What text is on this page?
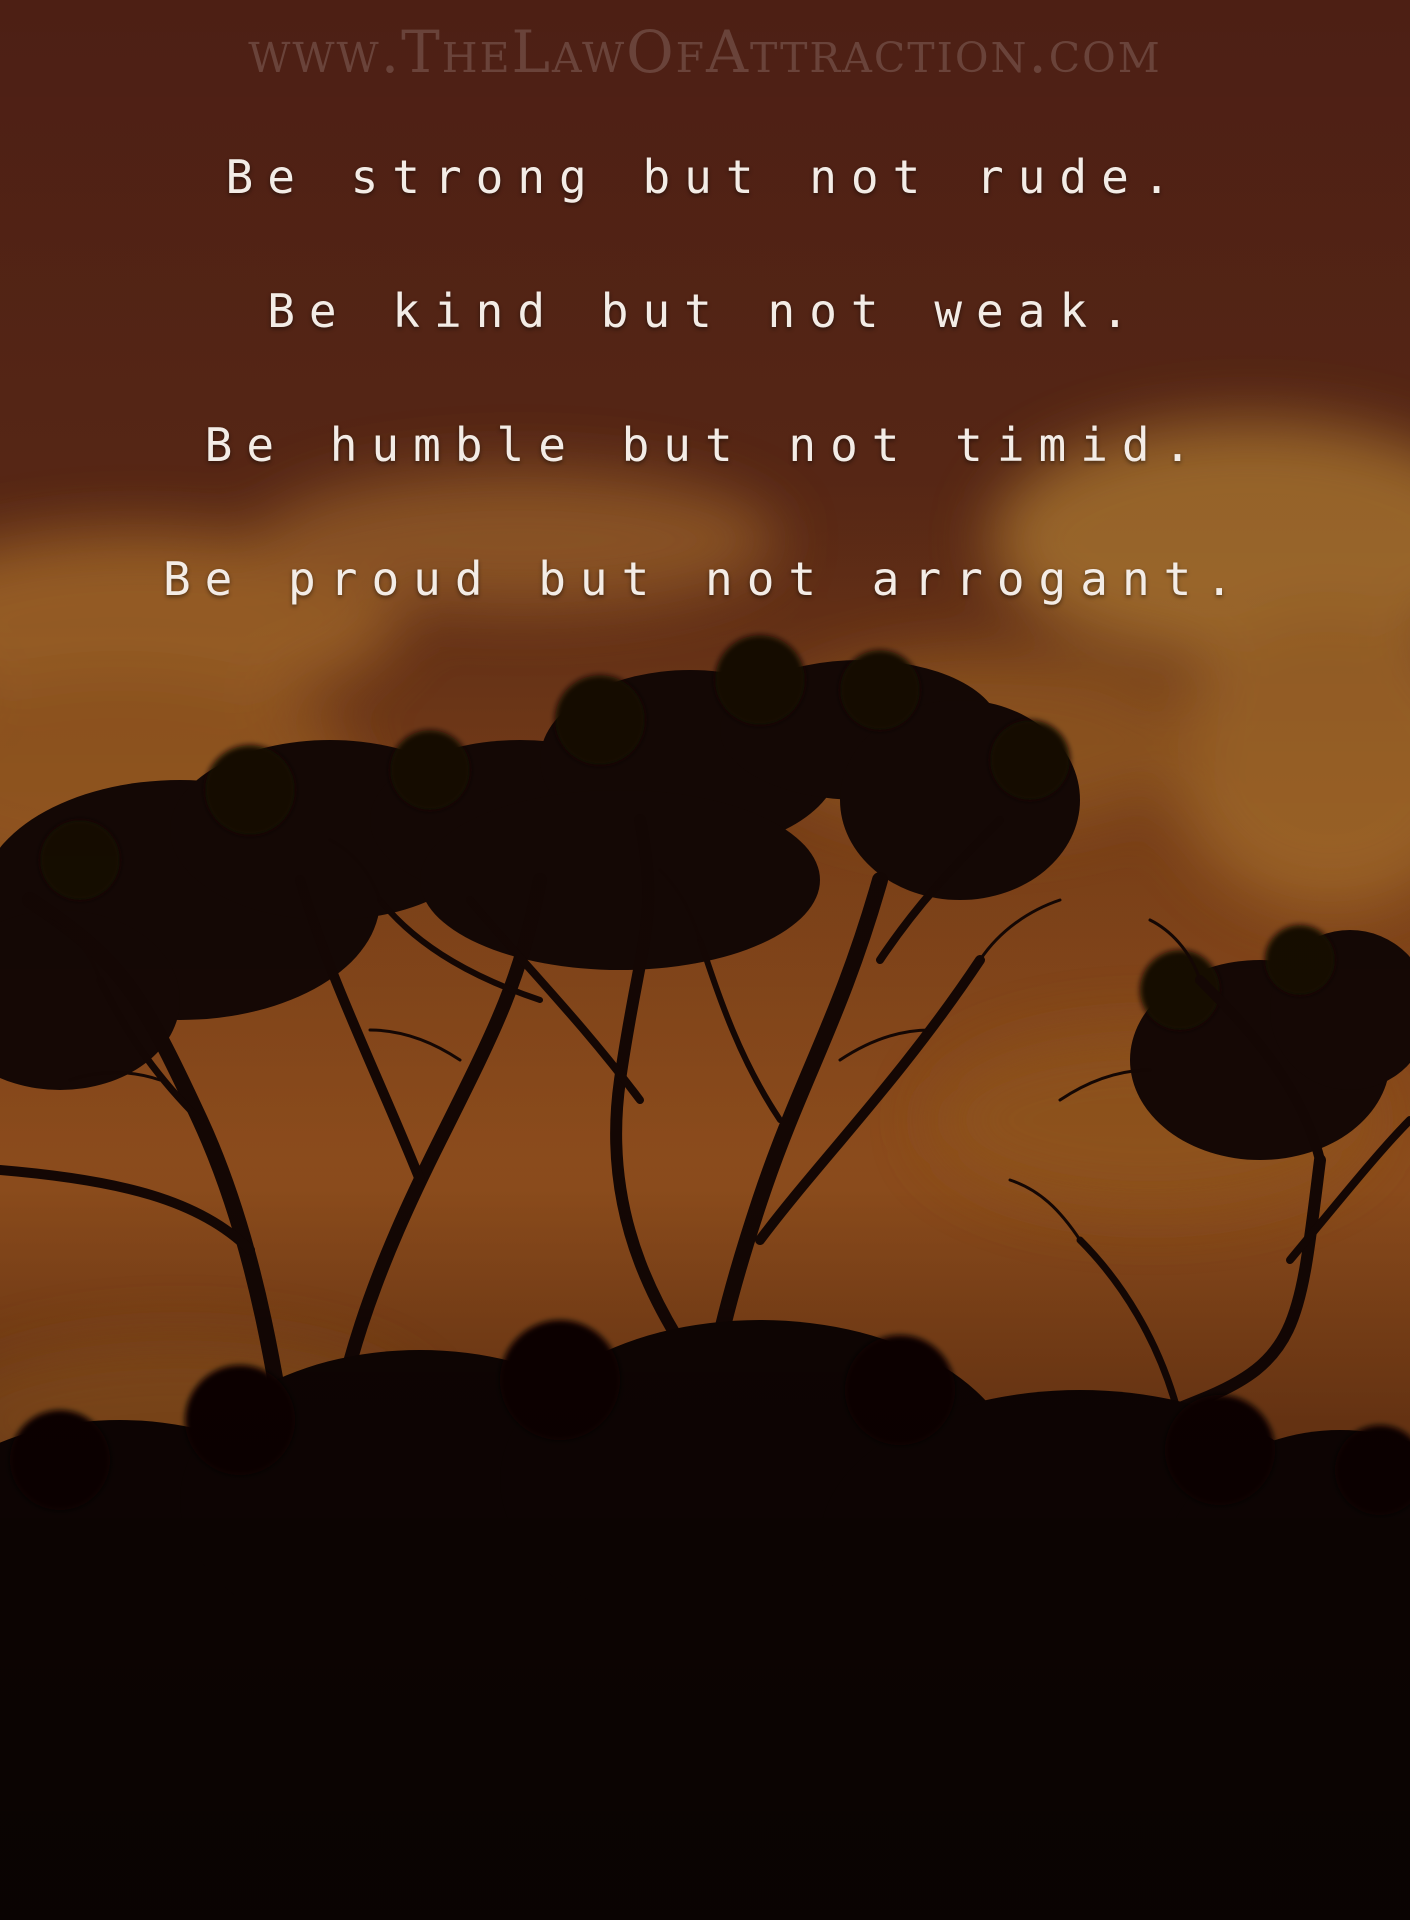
www.TheLawOfAttraction.com
Be strong but not rude.
Be kind but not weak.
Be humble but not timid.
Be proud but not arrogant.
